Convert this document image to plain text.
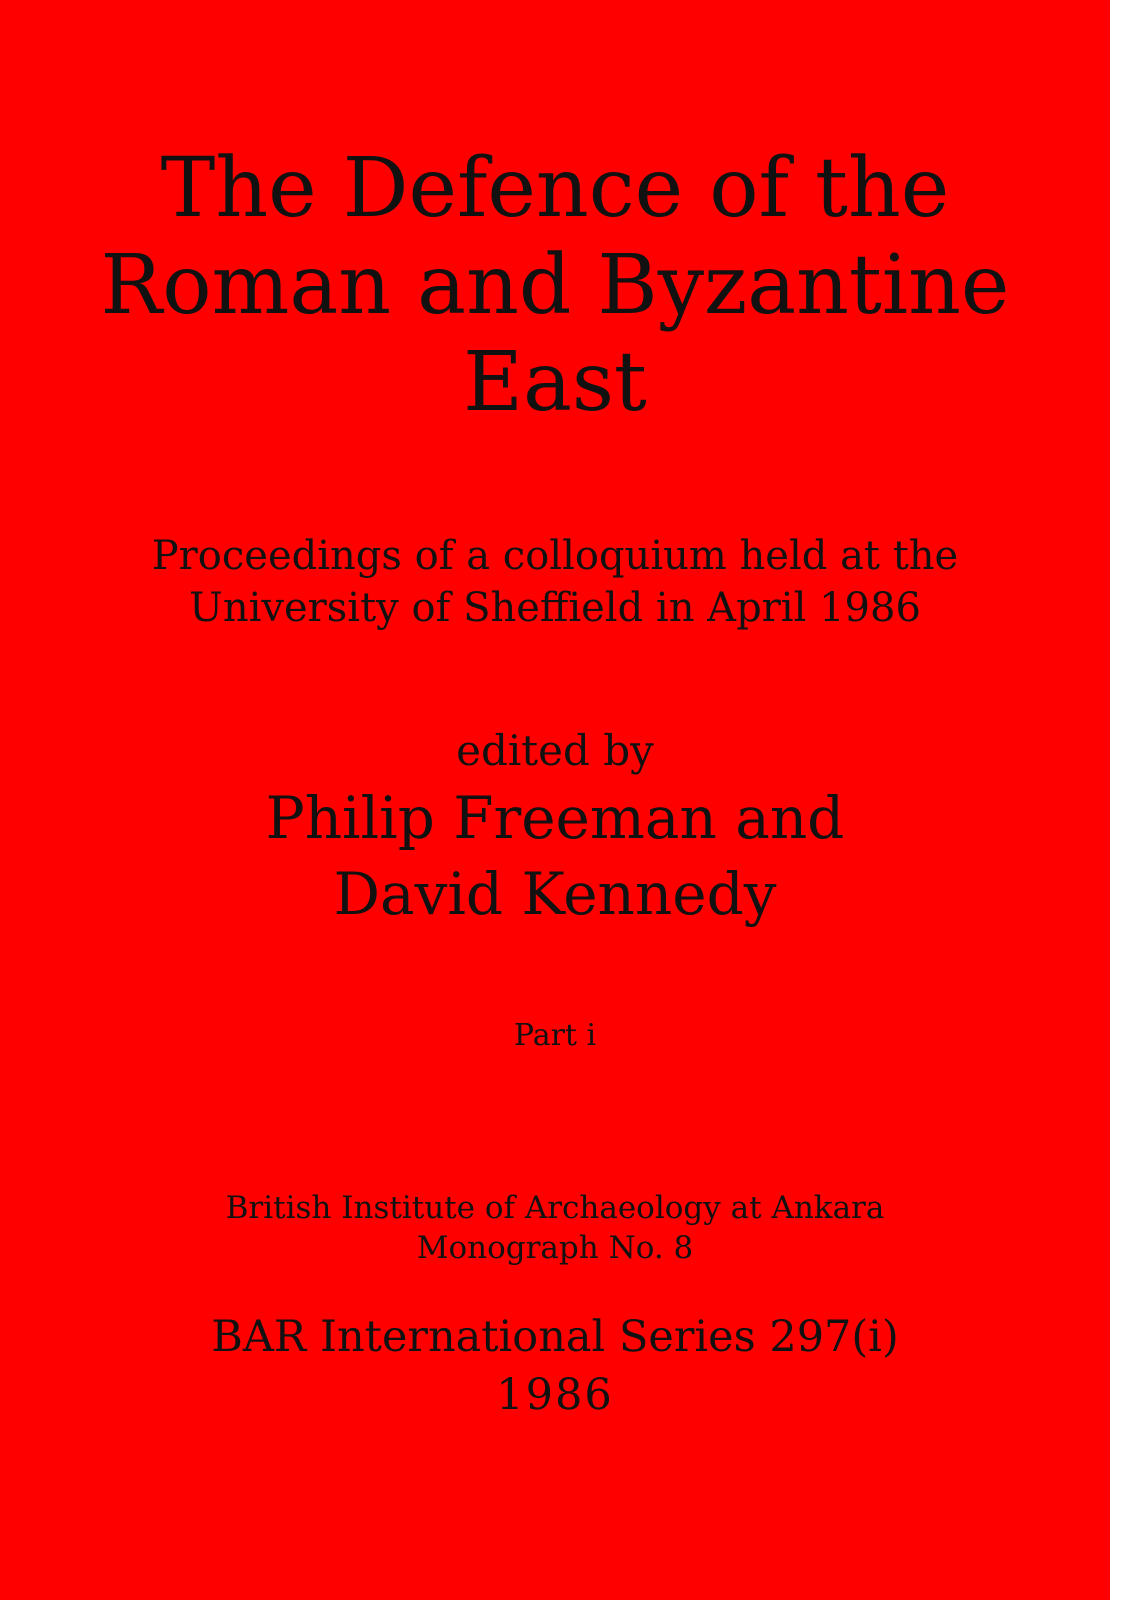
The Defence of the
Roman and Byzantine
East
Proceedings of a colloquium held at the
University of Sheffield in April 1986
edited by
Philip Freeman and
David Kennedy
Part i
British Institute of Archaeology at Ankara
Monograph No. 8
BAR International Series 297(i)
1986
